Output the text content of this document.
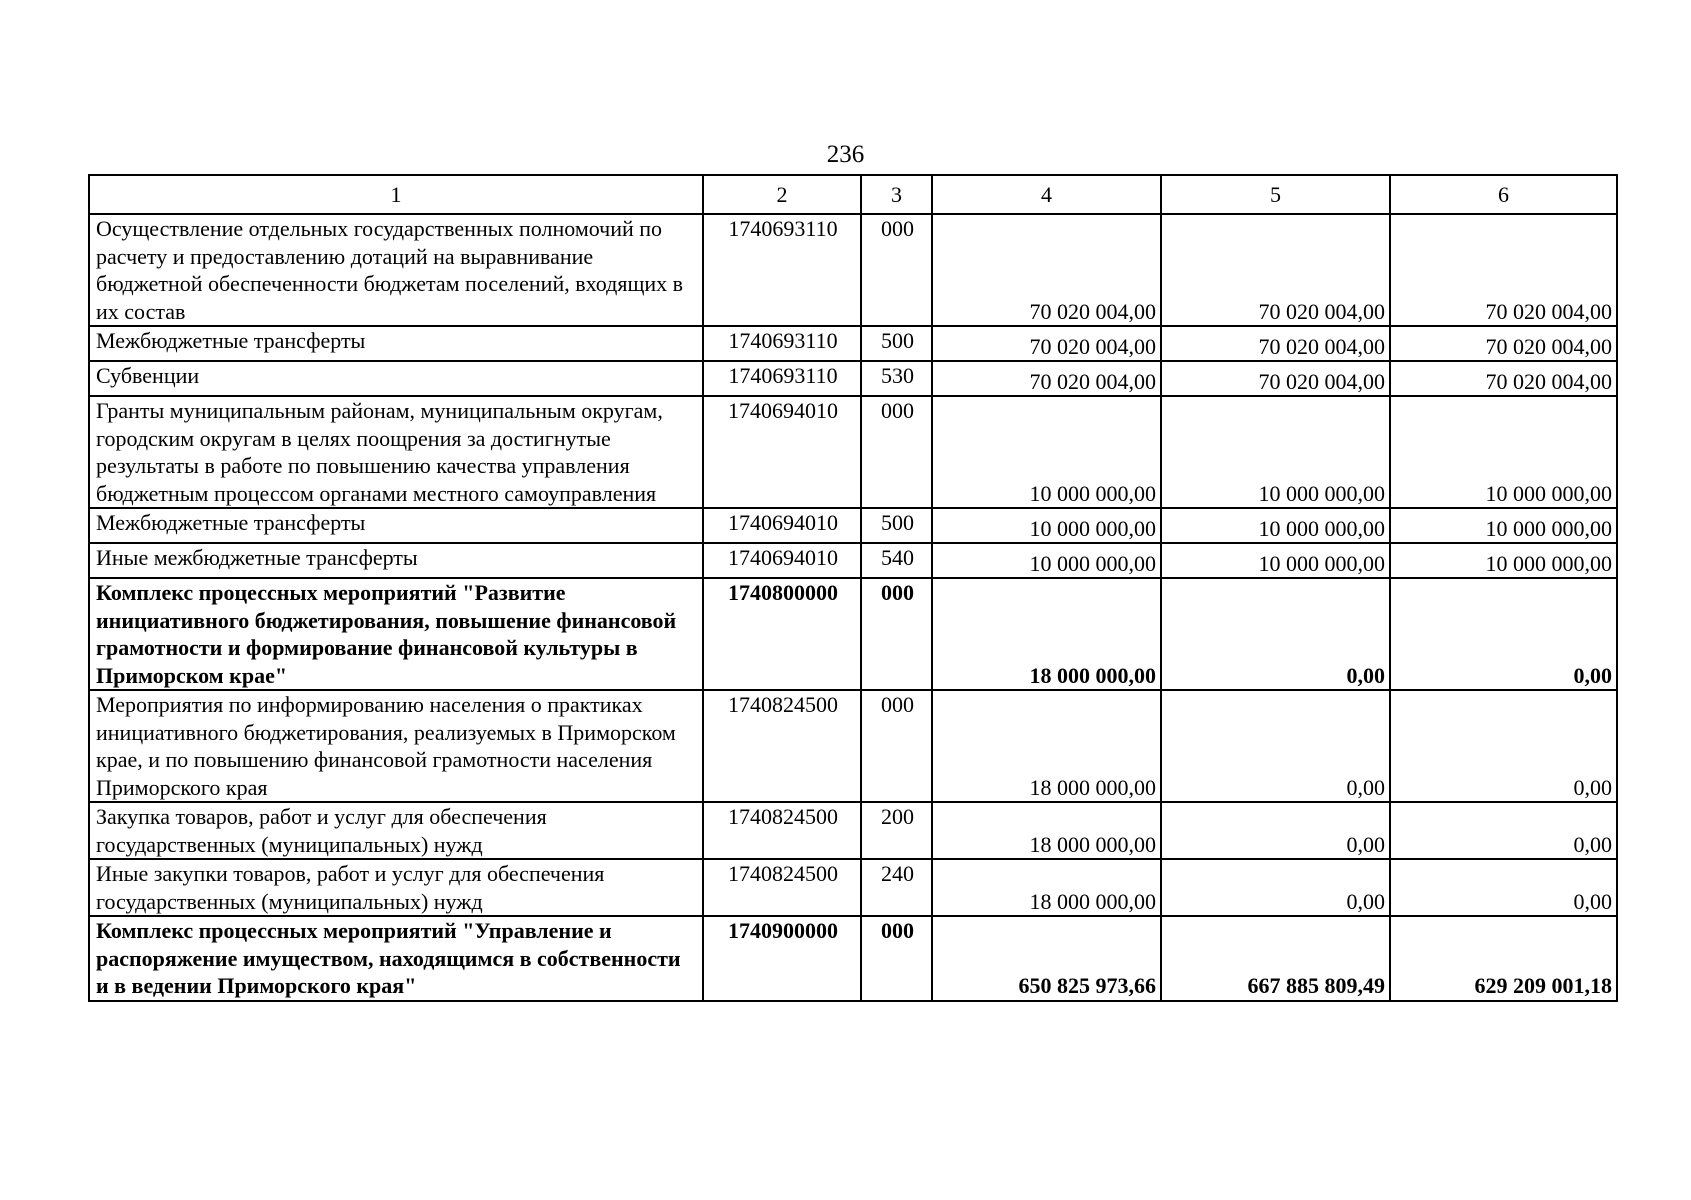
236
1	2	3	4	5	6
Осуществление отдельных государственных полномочий по расчету и предоставлению дотаций на выравнивание бюджетной обеспеченности бюджетам поселений, входящих в их состав	1740693110	000	70 020 004,00	70 020 004,00	70 020 004,00
Межбюджетные трансферты	1740693110	500	70 020 004,00	70 020 004,00	70 020 004,00
Субвенции	1740693110	530	70 020 004,00	70 020 004,00	70 020 004,00
Гранты муниципальным районам, муниципальным округам, городским округам в целях поощрения за достигнутые результаты в работе по повышению качества управления бюджетным процессом органами местного самоуправления	1740694010	000	10 000 000,00	10 000 000,00	10 000 000,00
Межбюджетные трансферты	1740694010	500	10 000 000,00	10 000 000,00	10 000 000,00
Иные межбюджетные трансферты	1740694010	540	10 000 000,00	10 000 000,00	10 000 000,00
Комплекс процессных мероприятий "Развитие инициативного бюджетирования, повышение финансовой грамотности и формирование финансовой культуры в Приморском крае"	1740800000	000	18 000 000,00	0,00	0,00
Мероприятия по информированию населения о практиках инициативного бюджетирования, реализуемых в Приморском крае, и по повышению финансовой грамотности населения Приморского края	1740824500	000	18 000 000,00	0,00	0,00
Закупка товаров, работ и услуг для обеспечения государственных (муниципальных) нужд	1740824500	200	18 000 000,00	0,00	0,00
Иные закупки товаров, работ и услуг для обеспечения государственных (муниципальных) нужд	1740824500	240	18 000 000,00	0,00	0,00
Комплекс процессных мероприятий "Управление и распоряжение имуществом, находящимся в собственности и в ведении Приморского края"	1740900000	000	650 825 973,66	667 885 809,49	629 209 001,18
